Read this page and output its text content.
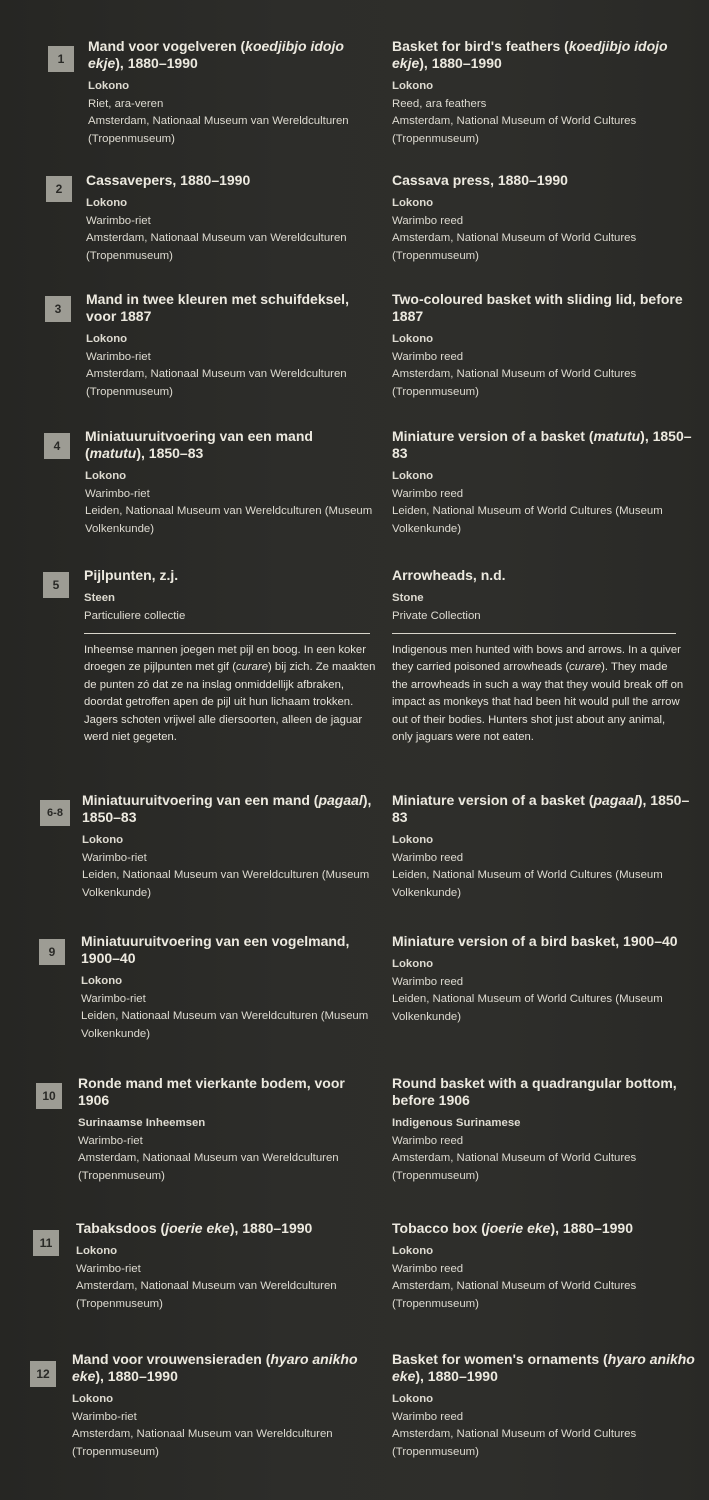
1
Mand voor vogelveren (koedjibjo idojo ekje), 1880–1990
Lokono
Riet, ara-veren
Amsterdam, Nationaal Museum van Wereldculturen (Tropenmuseum)
Basket for bird's feathers (koedjibjo idojo ekje), 1880–1990
Lokono
Reed, ara feathers
Amsterdam, National Museum of World Cultures (Tropenmuseum)
2
Cassavepers, 1880–1990
Lokono
Warimbo-riet
Amsterdam, Nationaal Museum van Wereldculturen (Tropenmuseum)
Cassava press, 1880–1990
Lokono
Warimbo reed
Amsterdam, National Museum of World Cultures (Tropenmuseum)
3
Mand in twee kleuren met schuifdeksel, voor 1887
Lokono
Warimbo-riet
Amsterdam, Nationaal Museum van Wereldculturen (Tropenmuseum)
Two-coloured basket with sliding lid, before 1887
Lokono
Warimbo reed
Amsterdam, National Museum of World Cultures (Tropenmuseum)
4
Miniatuuruitvoering van een mand (matutu), 1850–83
Lokono
Warimbo-riet
Leiden, Nationaal Museum van Wereldculturen (Museum Volkenkunde)
Miniature version of a basket (matutu), 1850–83
Lokono
Warimbo reed
Leiden, National Museum of World Cultures (Museum Volkenkunde)
5
Pijlpunten, z.j.
Steen
Particuliere collectie
Arrowheads, n.d.
Stone
Private Collection
Inheemse mannen joegen met pijl en boog. In een koker droegen ze pijlpunten met gif (curare) bij zich. Ze maakten de punten zó dat ze na inslag onmiddellijk afbraken, doordat getroffen apen de pijl uit hun lichaam trokken. Jagers schoten vrijwel alle diersoorten, alleen de jaguar werd niet gegeten.
Indigenous men hunted with bows and arrows. In a quiver they carried poisoned arrowheads (curare). They made the arrowheads in such a way that they would break off on impact as monkeys that had been hit would pull the arrow out of their bodies. Hunters shot just about any animal, only jaguars were not eaten.
6-8
Miniatuuruitvoering van een mand (pagaal), 1850–83
Lokono
Warimbo-riet
Leiden, Nationaal Museum van Wereldculturen (Museum Volkenkunde)
Miniature version of a basket (pagaal), 1850–83
Lokono
Warimbo reed
Leiden, National Museum of World Cultures (Museum Volkenkunde)
9
Miniatuuruitvoering van een vogelmand, 1900–40
Lokono
Warimbo-riet
Leiden, Nationaal Museum van Wereldculturen (Museum Volkenkunde)
Miniature version of a bird basket, 1900–40
Lokono
Warimbo reed
Leiden, National Museum of World Cultures (Museum Volkenkunde)
10
Ronde mand met vierkante bodem, voor 1906
Surinaamse Inheemsen
Warimbo-riet
Amsterdam, Nationaal Museum van Wereldculturen (Tropenmuseum)
Round basket with a quadrangular bottom, before 1906
Indigenous Surinamese
Warimbo reed
Amsterdam, National Museum of World Cultures (Tropenmuseum)
11
Tabaksdoos (joerie eke), 1880–1990
Lokono
Warimbo-riet
Amsterdam, Nationaal Museum van Wereldculturen (Tropenmuseum)
Tobacco box (joerie eke), 1880–1990
Lokono
Warimbo reed
Amsterdam, National Museum of World Cultures (Tropenmuseum)
12
Mand voor vrouwensieraden (hyaro anikho eke), 1880–1990
Lokono
Warimbo-riet
Amsterdam, Nationaal Museum van Wereldculturen (Tropenmuseum)
Basket for women's ornaments (hyaro anikho eke), 1880–1990
Lokono
Warimbo reed
Amsterdam, National Museum of World Cultures (Tropenmuseum)
